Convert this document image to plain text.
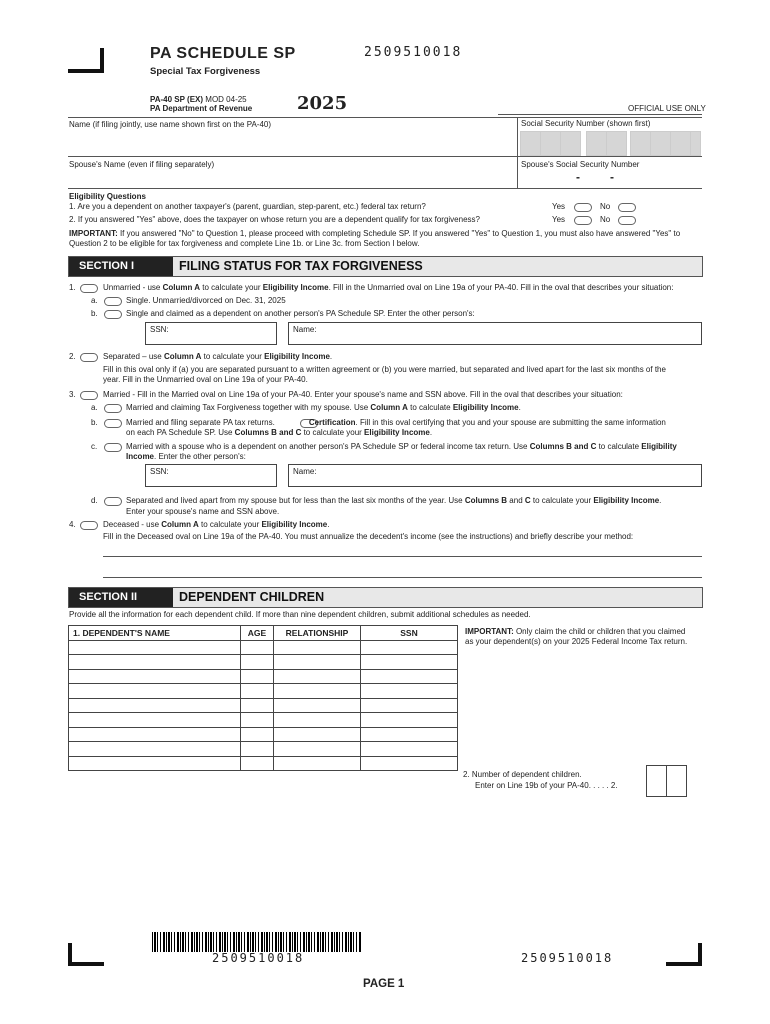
PA SCHEDULE SP	2509510018
Special Tax Forgiveness
PA-40 SP (EX) MOD 04-25
PA Department of Revenue 2025	OFFICIAL USE ONLY
Name (if filing jointly, use name shown first on the PA-40)	Social Security Number (shown first)
Spouse's Name (even if filing separately)	Spouse's Social Security Number
-	-
Eligibility Questions
1. Are you a dependent on another taxpayer's (parent, guardian, step-parent, etc.) federal tax return?	Yes	No
2. If you answered "Yes" above, does the taxpayer on whose return you are a dependent qualify for tax forgiveness?	Yes	No
IMPORTANT: If you answered "No" to Question 1, please proceed with completing Schedule SP. If you answered "Yes" to Question 1, you must also have answered "Yes" to Question 2 to be eligible for tax forgiveness and complete Line 1b. or Line 3c. from Section I below.
SECTION I	FILING STATUS FOR TAX FORGIVENESS
1.	Unmarried - use Column A to calculate your Eligibility Income. Fill in the Unmarried oval on Line 19a of your PA-40. Fill in the oval that describes your situation:
a.	Single. Unmarried/divorced on Dec. 31, 2025
b.	Single and claimed as a dependent on another person's PA Schedule SP. Enter the other person's:
SSN:	Name:
2.	Separated – use Column A to calculate your Eligibility Income.
Fill in this oval only if (a) you are separated pursuant to a written agreement or (b) you were married, but separated and lived apart for the last six months of the year. Fill in the Unmarried oval on Line 19a of your PA-40.
3.	Married - Fill in the Married oval on Line 19a of your PA-40. Enter your spouse's name and SSN above. Fill in the oval that describes your situation:
a.	Married and claiming Tax Forgiveness together with my spouse. Use Column A to calculate Eligibility Income.
b.	Married and filing separate PA tax returns.	Certification. Fill in this oval certifying that you and your spouse are submitting the same information on each PA Schedule SP. Use Columns B and C to calculate your Eligibility Income.
c.	Married with a spouse who is a dependent on another person's PA Schedule SP or federal income tax return. Use Columns B and C to calculate Eligibility Income. Enter the other person's:
SSN:	Name:
d.	Separated and lived apart from my spouse but for less than the last six months of the year. Use Columns B and C to calculate your Eligibility Income.
Enter your spouse's name and SSN above.
4.	Deceased - use Column A to calculate your Eligibility Income.
Fill in the Deceased oval on Line 19a of the PA-40. You must annualize the decedent's income (see the instructions) and briefly describe your method:
SECTION II	DEPENDENT CHILDREN
Provide all the information for each dependent child. If more than nine dependent children, submit additional schedules as needed.
1. DEPENDENT'S NAME	AGE	RELATIONSHIP	SSN

				IMPORTANT: Only claim the child or children that you claimed as your dependent(s) on your 2025 Federal Income Tax return.
2. Number of dependent children.
Enter on Line 19b of your PA-40. . . . . 2.
2509510018	2509510018
PAGE 1
